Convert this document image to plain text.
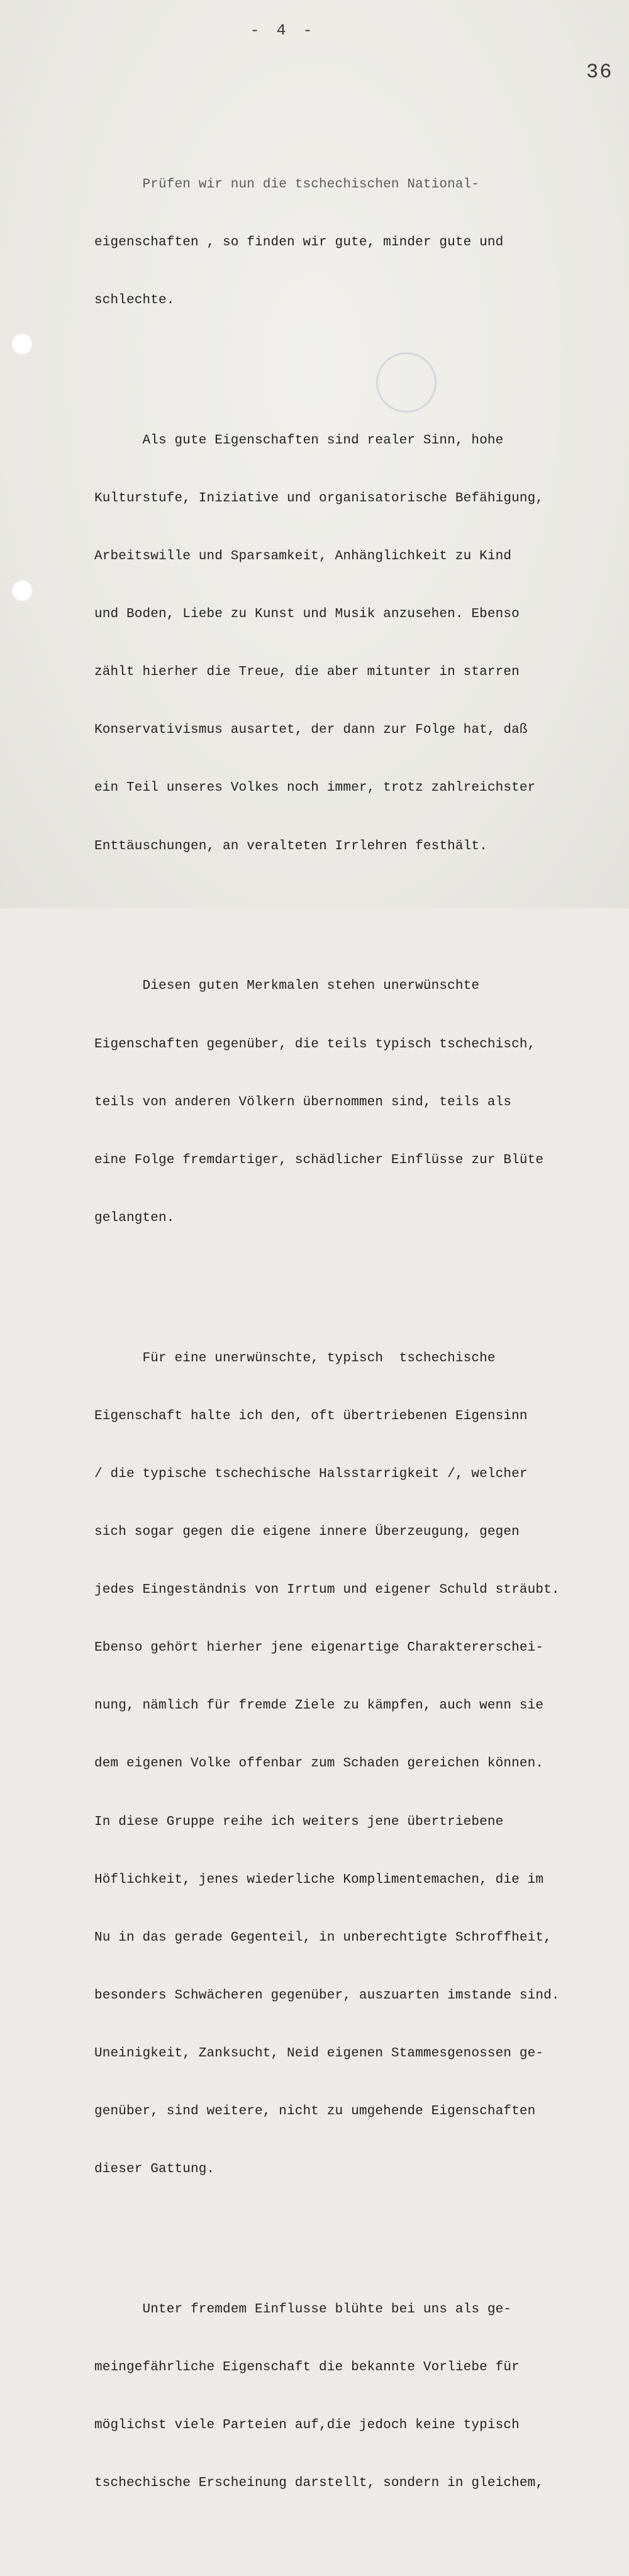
- 4 -
36

Prüfen wir nun die tschechischen National-

eigenschaften , so finden wir gute, minder gute und

schlechte.

Als gute Eigenschaften sind realer Sinn, hohe

Kulturstufe, Iniziative und organisatorische Befähigung,

Arbeitswille und Sparsamkeit, Anhänglichkeit zu Kind

und Boden, Liebe zu Kunst und Musik anzusehen. Ebenso

zählt hierher die Treue, die aber mitunter in starren

Konservativismus ausartet, der dann zur Folge hat, daß

ein Teil unseres Volkes noch immer, trotz zahlreichster

Enttäuschungen, an veralteten Irrlehren festhält.

Diesen guten Merkmalen stehen unerwünschte

Eigenschaften gegenüber, die teils typisch tschechisch,

teils von anderen Völkern übernommen sind, teils als

eine Folge fremdartiger, schädlicher Einflüsse zur Blüte

gelangten.

Für eine unerwünschte, typisch  tschechische

Eigenschaft halte ich den, oft übertriebenen Eigensinn

/ die typische tschechische Halsstarrigkeit /, welcher

sich sogar gegen die eigene innere Überzeugung, gegen

jedes Eingeständnis von Irrtum und eigener Schuld sträubt.

Ebenso gehört hierher jene eigenartige Charaktererschei-

nung, nämlich für fremde Ziele zu kämpfen, auch wenn sie

dem eigenen Volke offenbar zum Schaden gereichen können.

In diese Gruppe reihe ich weiters jene übertriebene

Höflichkeit, jenes wiederliche Komplimentemachen, die im

Nu in das gerade Gegenteil, in unberechtigte Schroffheit,

besonders Schwächeren gegenüber, auszuarten imstande sind.

Uneinigkeit, Zanksucht, Neid eigenen Stammesgenossen ge-

genüber, sind weitere, nicht zu umgehende Eigenschaften

dieser Gattung.

Unter fremdem Einflusse blühte bei uns als ge-

meingefährliche Eigenschaft die bekannte Vorliebe für

möglichst viele Parteien auf,die jedoch keine typisch

tschechische Erscheinung darstellt, sondern in gleichem,
